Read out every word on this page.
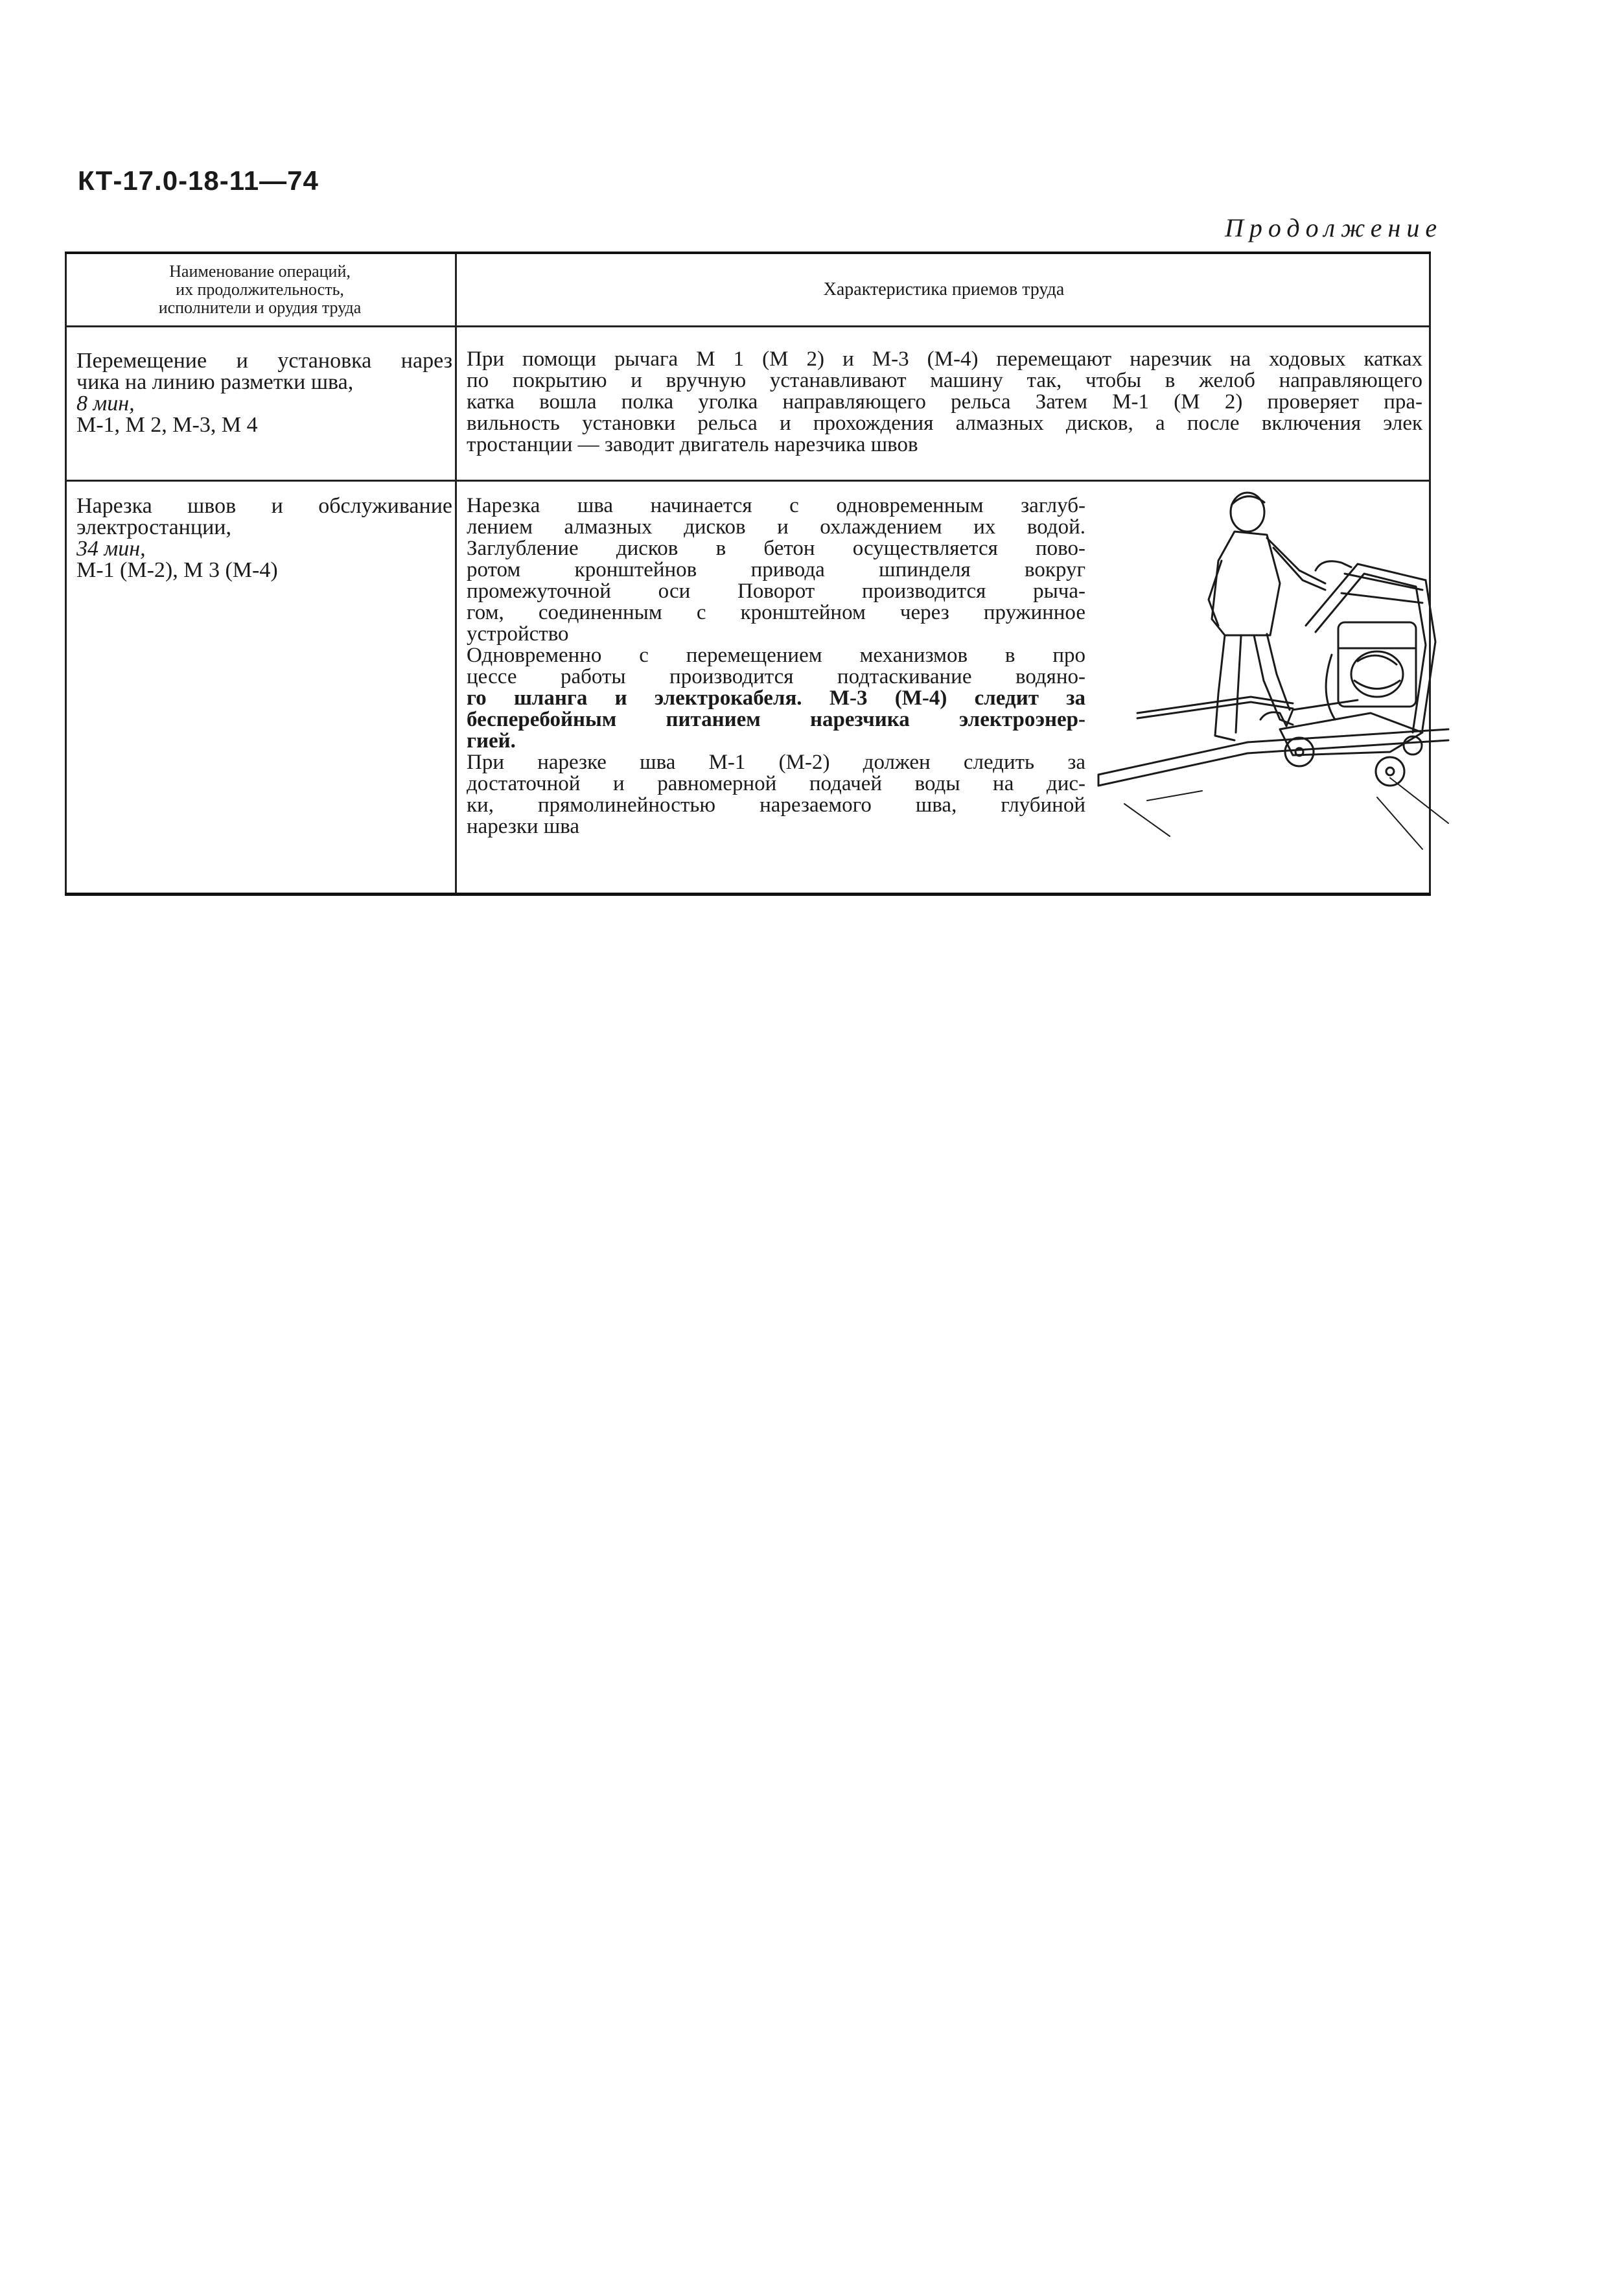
КТ-17.0-18-11—74
Продолжение
Наименование операций,
их продолжительность,
исполнители и орудия труда
Характеристика приемов труда
Перемещение и установка нарез
чика на линию разметки шва,
8 мин,
М-1, М 2, М-3, М 4
При помощи рычага М 1 (М 2) и М-3 (М-4) перемещают нарезчик на ходовых катках
по покрытию и вручную устанавливают машину так, чтобы в желоб направляющего
катка вошла полка уголка направляющего рельса Затем М-1 (М 2) проверяет пра-
вильность установки рельса и прохождения алмазных дисков, а после включения элек
тростанции — заводит двигатель нарезчика швов
Нарезка швов и обслуживание
электростанции,
34 мин,
М-1 (М-2), М 3 (М-4)
Нарезка шва начинается с одновременным заглуб-
лением алмазных дисков и охлаждением их водой.
Заглубление дисков в бетон осуществляется пово-
ротом кронштейнов привода шпинделя вокруг
промежуточной оси Поворот производится рыча-
гом, соединенным с кронштейном через пружинное
устройство
Одновременно с перемещением механизмов в про
цессе работы производится подтаскивание водяно-
го шланга и электрокабеля. М-3 (М-4) следит за
бесперебойным питанием нарезчика электроэнер-
гией.
При нарезке шва М-1 (М-2) должен следить за
достаточной и равномерной подачей воды на дис-
ки, прямолинейностью нарезаемого шва, глубиной
нарезки шва
